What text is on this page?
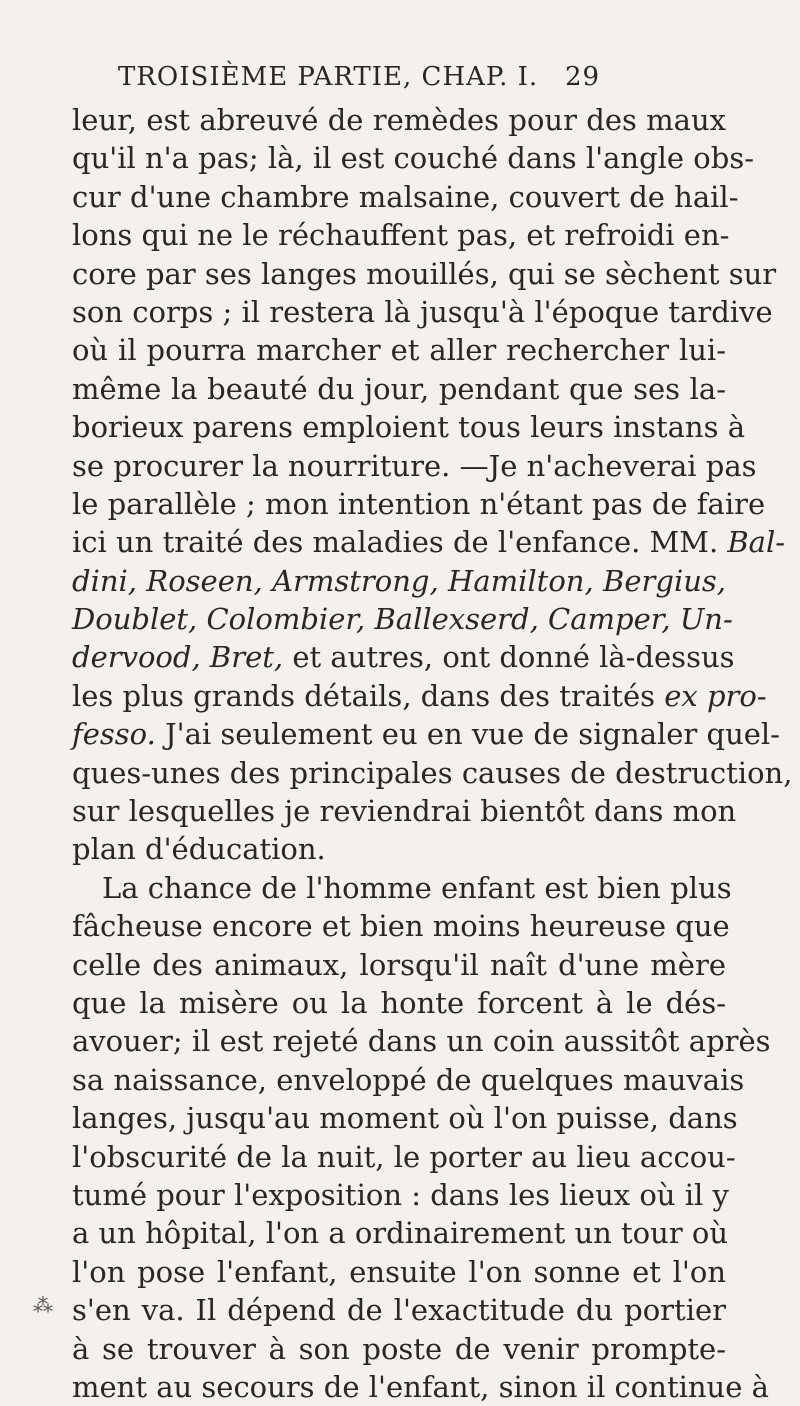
TROISIÈME PARTIE, CHAP. I. 29
leur, est abreuvé de remèdes pour des maux
qu'il n'a pas; là, il est couché dans l'angle obs-
cur d'une chambre malsaine, couvert de hail-
lons qui ne le réchauffent pas, et refroidi en-
core par ses langes mouillés, qui se sèchent sur
son corps ; il restera là jusqu'à l'époque tardive
où il pourra marcher et aller rechercher lui-
même la beauté du jour, pendant que ses la-
borieux parens emploient tous leurs instans à
se procurer la nourriture. —Je n'acheverai pas
le parallèle ; mon intention n'étant pas de faire
ici un traité des maladies de l'enfance. MM. Bal-
dini, Roseen, Armstrong, Hamilton, Bergius,
Doublet, Colombier, Ballexserd, Camper, Un-
dervood, Bret, et autres, ont donné là-dessus
les plus grands détails, dans des traités ex pro-
fesso. J'ai seulement eu en vue de signaler quel-
ques-unes des principales causes de destruction,
sur lesquelles je reviendrai bientôt dans mon
plan d'éducation.
La chance de l'homme enfant est bien plus
fâcheuse encore et bien moins heureuse que
celle des animaux, lorsqu'il naît d'une mère
que la misère ou la honte forcent à le dés-
avouer; il est rejeté dans un coin aussitôt après
sa naissance, enveloppé de quelques mauvais
langes, jusqu'au moment où l'on puisse, dans
l'obscurité de la nuit, le porter au lieu accou-
tumé pour l'exposition : dans les lieux où il y
a un hôpital, l'on a ordinairement un tour où
l'on pose l'enfant, ensuite l'on sonne et l'on
s'en va. Il dépend de l'exactitude du portier
à se trouver à son poste de venir prompte-
ment au secours de l'enfant, sinon il continue à
⁂
